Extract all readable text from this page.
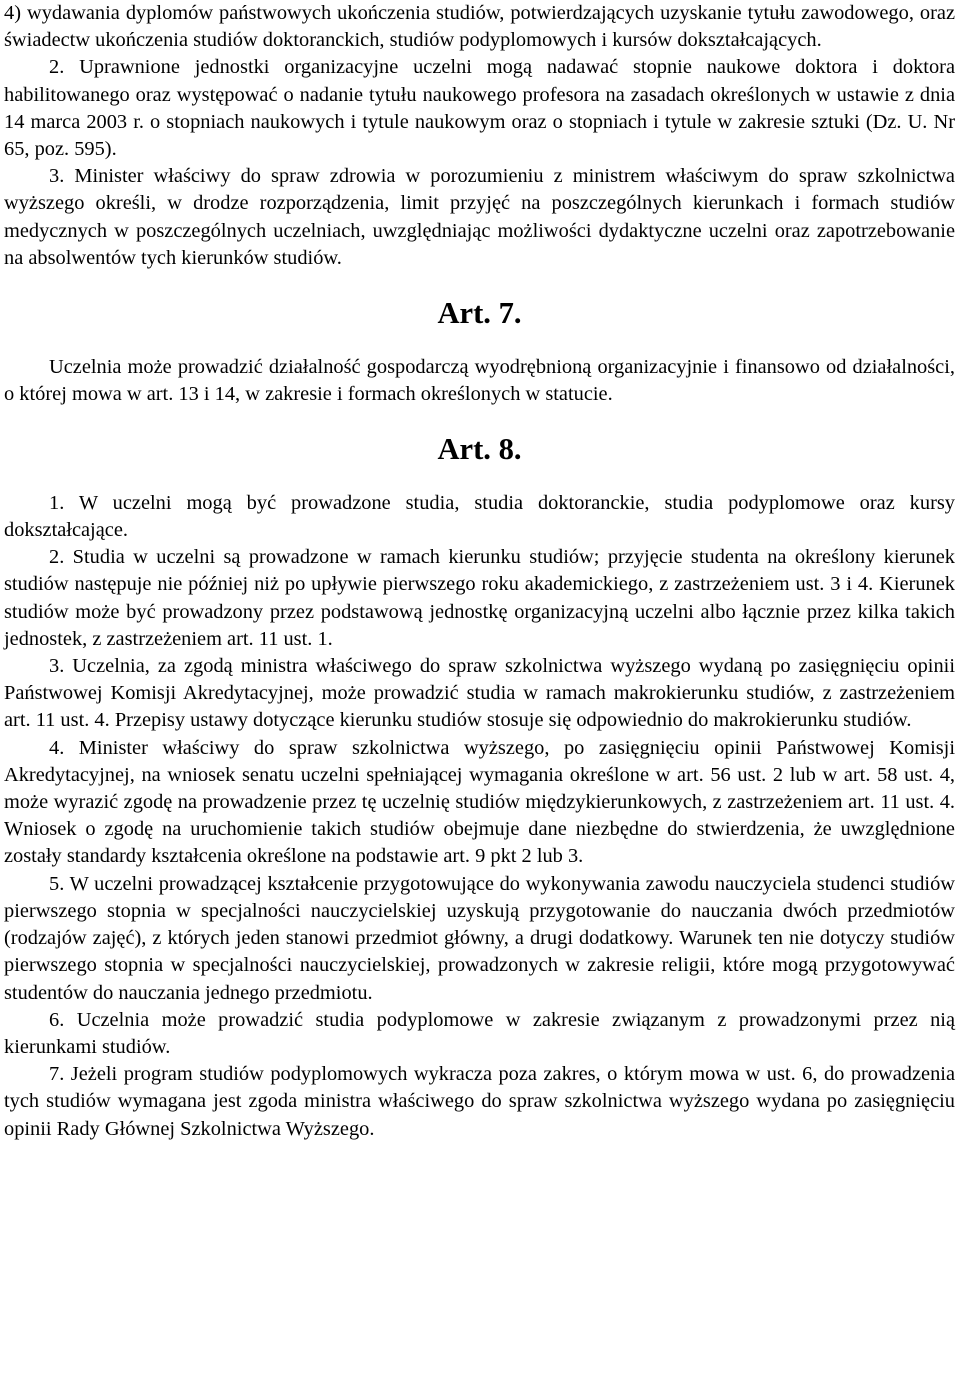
4) wydawania dyplomów państwowych ukończenia studiów, potwierdzających uzyskanie tytułu zawodowego, oraz świadectw ukończenia studiów doktoranckich, studiów podyplomowych i kursów dokształcających.

2. Uprawnione jednostki organizacyjne uczelni mogą nadawać stopnie naukowe doktora i doktora habilitowanego oraz występować o nadanie tytułu naukowego profesora na zasadach określonych w ustawie z dnia 14 marca 2003 r. o stopniach naukowych i tytule naukowym oraz o stopniach i tytule w zakresie sztuki (Dz. U. Nr 65, poz. 595).

3. Minister właściwy do spraw zdrowia w porozumieniu z ministrem właściwym do spraw szkolnictwa wyższego określi, w drodze rozporządzenia, limit przyjęć na poszczególnych kierunkach i formach studiów medycznych w poszczególnych uczelniach, uwzględniając możliwości dydaktyczne uczelni oraz zapotrzebowanie na absolwentów tych kierunków studiów.

Art. 7.

Uczelnia może prowadzić działalność gospodarczą wyodrębnioną organizacyjnie i finansowo od działalności, o której mowa w art. 13 i 14, w zakresie i formach określonych w statucie.

Art. 8.

1. W uczelni mogą być prowadzone studia, studia doktoranckie, studia podyplomowe oraz kursy dokształcające.

2. Studia w uczelni są prowadzone w ramach kierunku studiów; przyjęcie studenta na określony kierunek studiów następuje nie później niż po upływie pierwszego roku akademickiego, z zastrzeżeniem ust. 3 i 4. Kierunek studiów może być prowadzony przez podstawową jednostkę organizacyjną uczelni albo łącznie przez kilka takich jednostek, z zastrzeżeniem art. 11 ust. 1.

3. Uczelnia, za zgodą ministra właściwego do spraw szkolnictwa wyższego wydaną po zasięgnięciu opinii Państwowej Komisji Akredytacyjnej, może prowadzić studia w ramach makrokierunku studiów, z zastrzeżeniem art. 11 ust. 4. Przepisy ustawy dotyczące kierunku studiów stosuje się odpowiednio do makrokierunku studiów.

4. Minister właściwy do spraw szkolnictwa wyższego, po zasięgnięciu opinii Państwowej Komisji Akredytacyjnej, na wniosek senatu uczelni spełniającej wymagania określone w art. 56 ust. 2 lub w art. 58 ust. 4, może wyrazić zgodę na prowadzenie przez tę uczelnię studiów międzykierunkowych, z zastrzeżeniem art. 11 ust. 4. Wniosek o zgodę na uruchomienie takich studiów obejmuje dane niezbędne do stwierdzenia, że uwzględnione zostały standardy kształcenia określone na podstawie art. 9 pkt 2 lub 3.

5. W uczelni prowadzącej kształcenie przygotowujące do wykonywania zawodu nauczyciela studenci studiów pierwszego stopnia w specjalności nauczycielskiej uzyskują przygotowanie do nauczania dwóch przedmiotów (rodzajów zajęć), z których jeden stanowi przedmiot główny, a drugi dodatkowy. Warunek ten nie dotyczy studiów pierwszego stopnia w specjalności nauczycielskiej, prowadzonych w zakresie religii, które mogą przygotowywać studentów do nauczania jednego przedmiotu.

6. Uczelnia może prowadzić studia podyplomowe w zakresie związanym z prowadzonymi przez nią kierunkami studiów.

7. Jeżeli program studiów podyplomowych wykracza poza zakres, o którym mowa w ust. 6, do prowadzenia tych studiów wymagana jest zgoda ministra właściwego do spraw szkolnictwa wyższego wydana po zasięgnięciu opinii Rady Głównej Szkolnictwa Wyższego.
